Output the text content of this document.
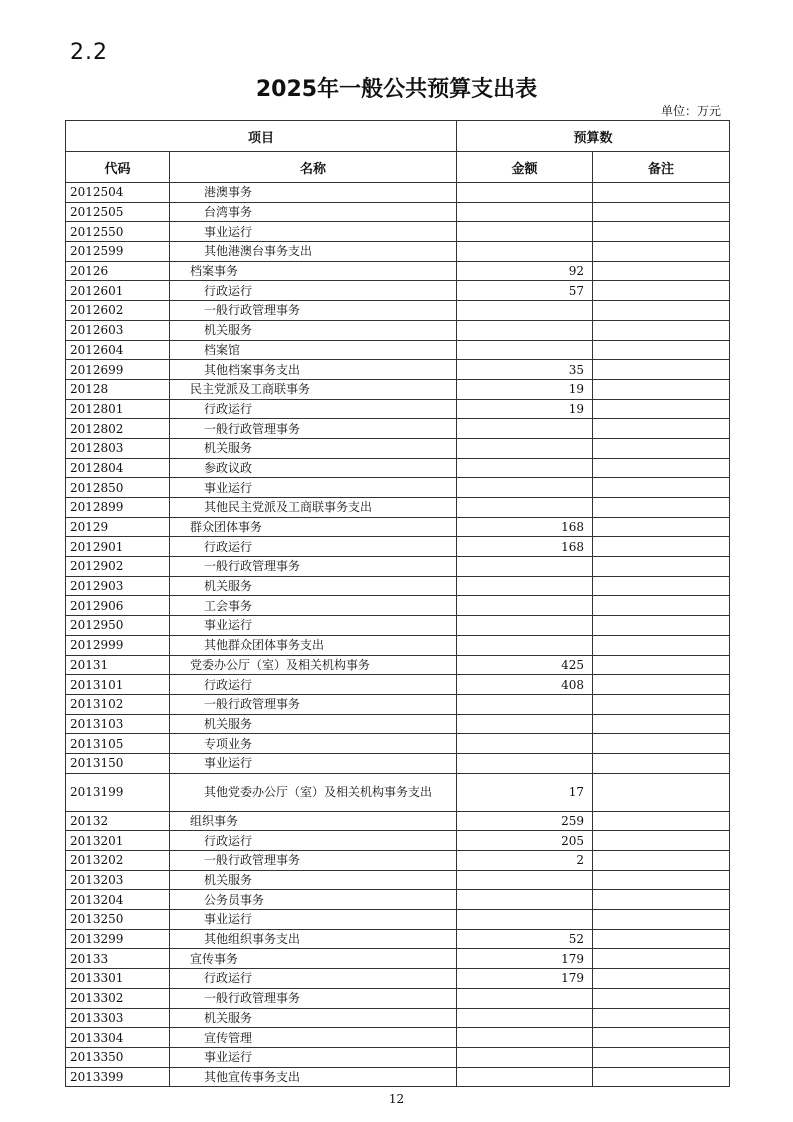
2.2
2025年一般公共预算支出表
单位：万元
项目		预算数	
代码	名称	金额	备注
2012504	港澳事务		
2012505	台湾事务		
2012550	事业运行		
2012599	其他港澳台事务支出		
20126	档案事务	92	
2012601	行政运行	57	
2012602	一般行政管理事务		
2012603	机关服务		
2012604	档案馆		
2012699	其他档案事务支出	35	
20128	民主党派及工商联事务	19	
2012801	行政运行	19	
2012802	一般行政管理事务		
2012803	机关服务		
2012804	参政议政		
2012850	事业运行		
2012899	其他民主党派及工商联事务支出		
20129	群众团体事务	168	
2012901	行政运行	168	
2012902	一般行政管理事务		
2012903	机关服务		
2012906	工会事务		
2012950	事业运行		
2012999	其他群众团体事务支出		
20131	党委办公厅（室）及相关机构事务	425	
2013101	行政运行	408	
2013102	一般行政管理事务		
2013103	机关服务		
2013105	专项业务		
2013150	事业运行		
2013199	其他党委办公厅（室）及相关机构事务支出	17	
20132	组织事务	259	
2013201	行政运行	205	
2013202	一般行政管理事务	2	
2013203	机关服务		
2013204	公务员事务		
2013250	事业运行		
2013299	其他组织事务支出	52	
20133	宣传事务	179	
2013301	行政运行	179	
2013302	一般行政管理事务		
2013303	机关服务		
2013304	宣传管理		
2013350	事业运行		
2013399	其他宣传事务支出		
12
